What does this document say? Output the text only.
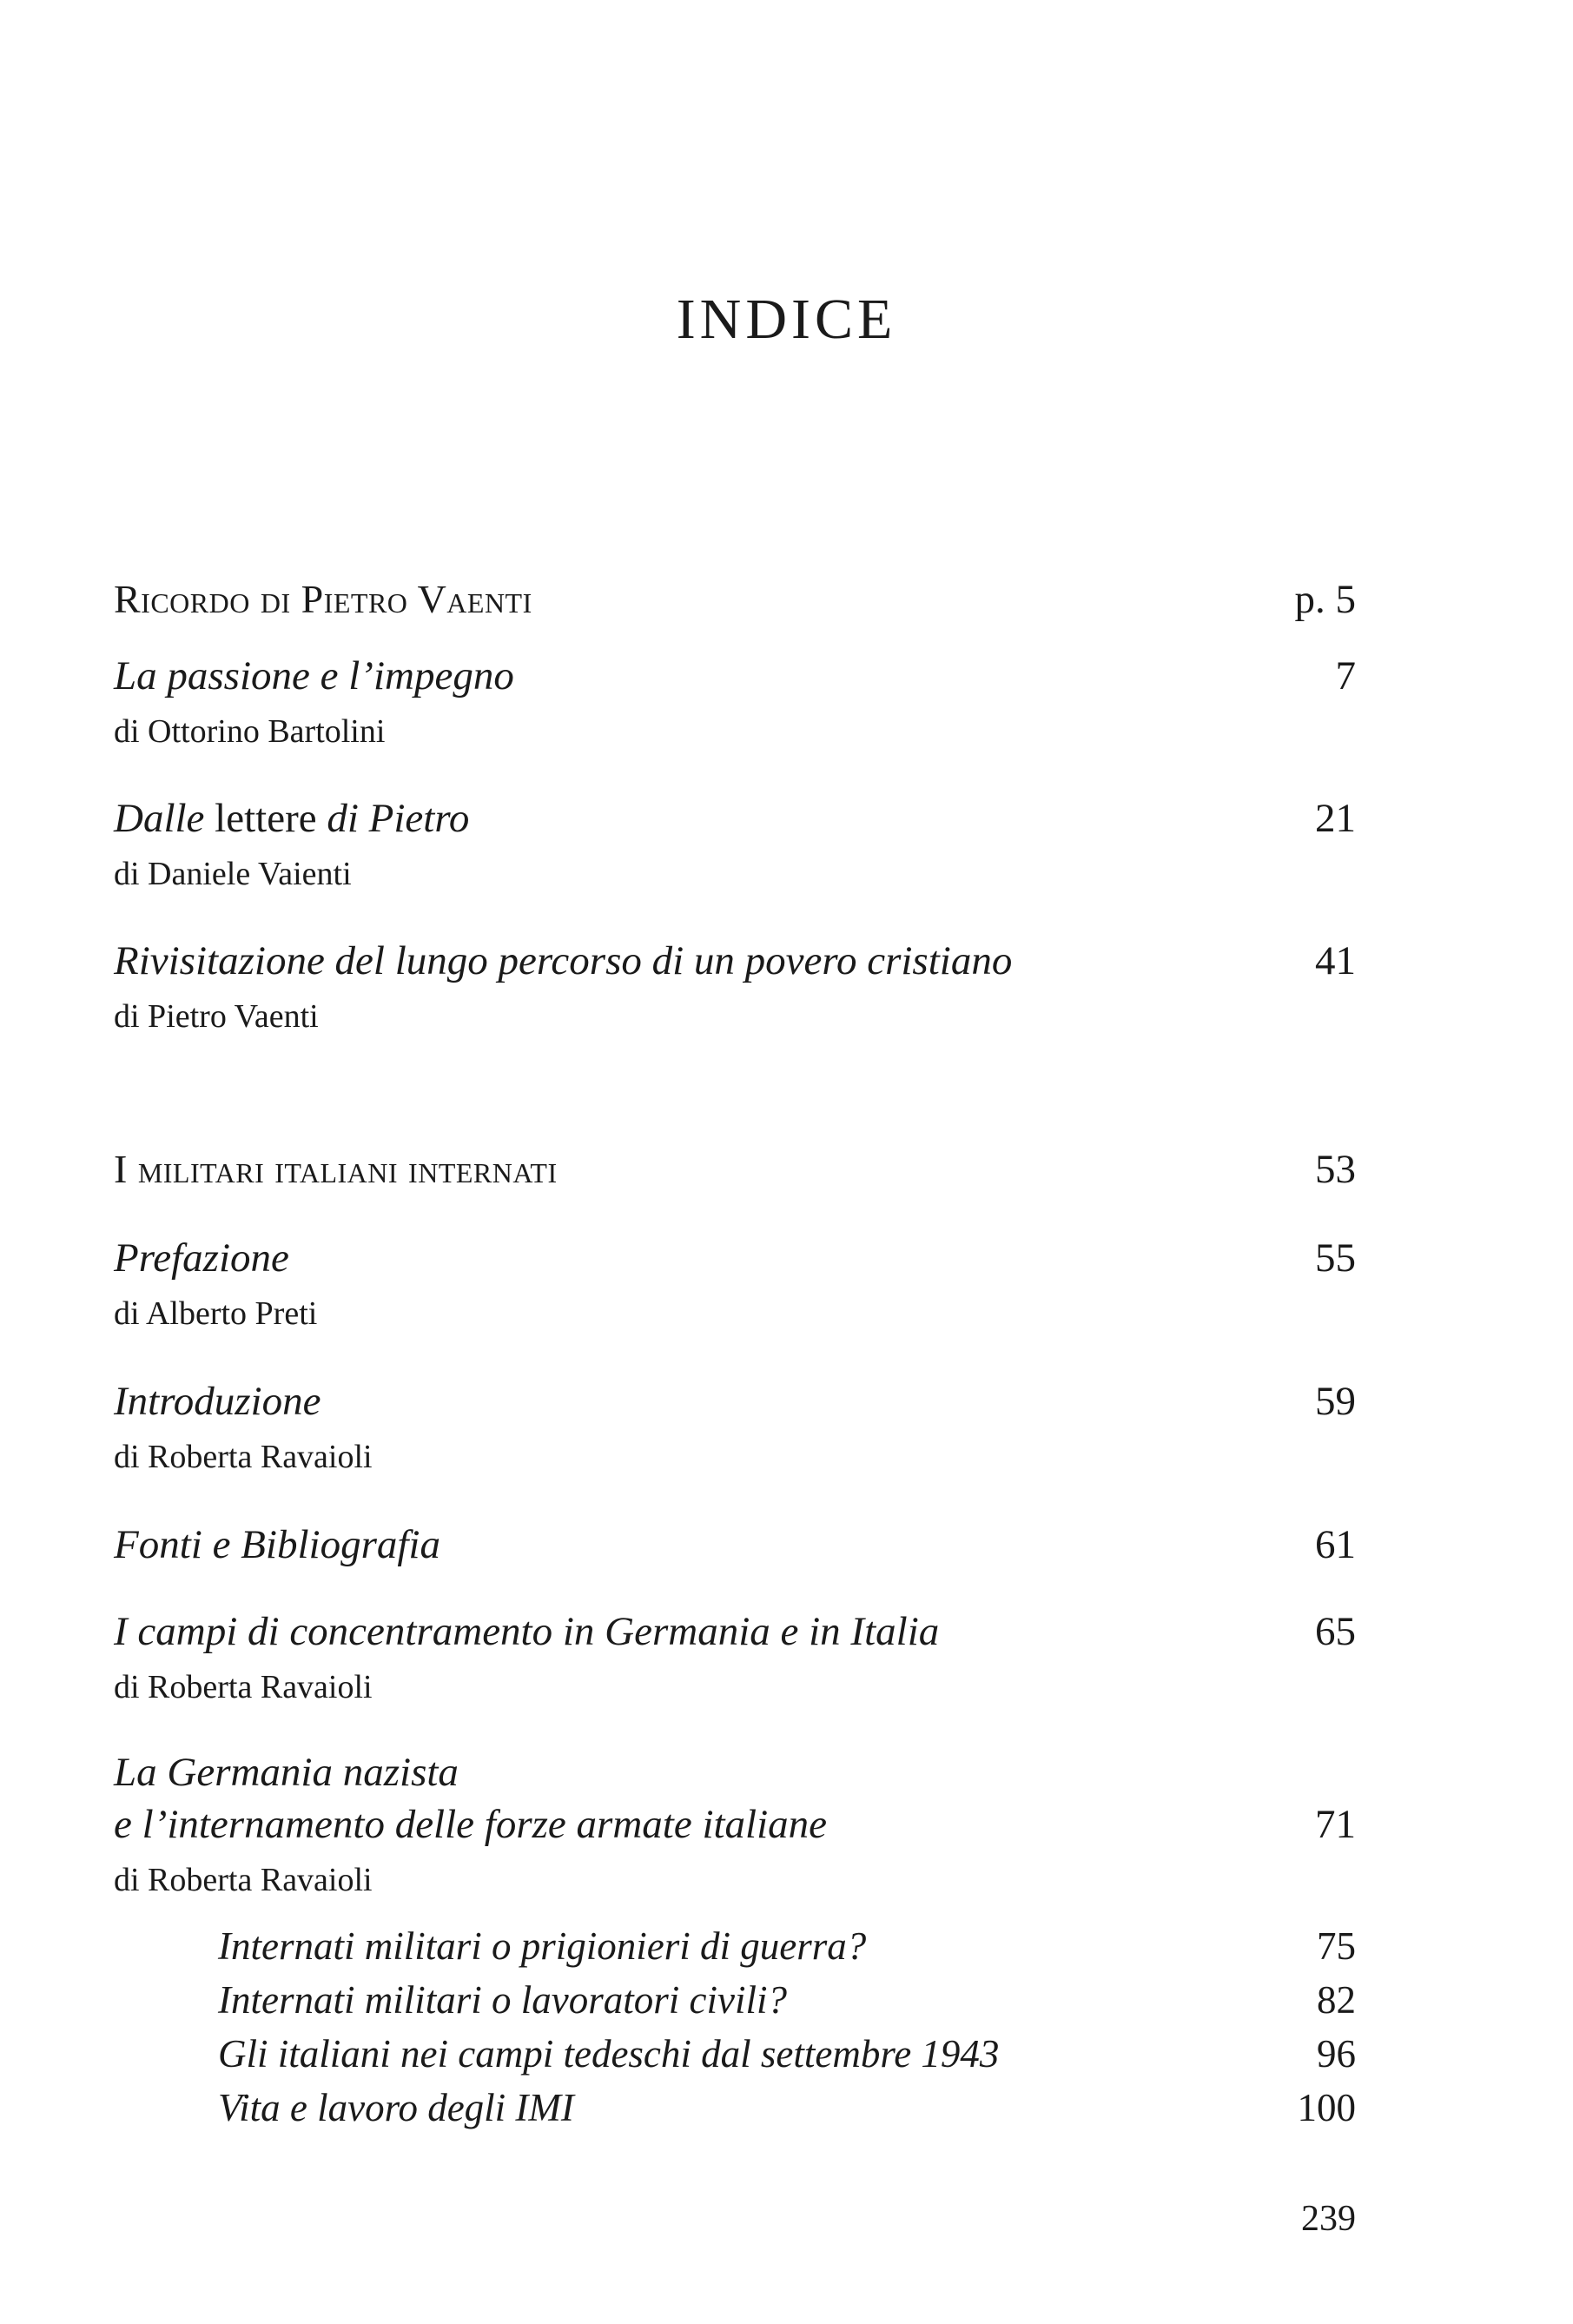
INDICE
Ricordo di Pietro Vaenti	p. 5
La passione e l’impegno	7
di Ottorino Bartolini
Dalle lettere di Pietro	21
di Daniele Vaienti
Rivisitazione del lungo percorso di un povero cristiano	41
di Pietro Vaenti
I militari italiani internati	53
Prefazione	55
di Alberto Preti
Introduzione	59
di Roberta Ravaioli
Fonti e Bibliografia	61
I campi di concentramento in Germania e in Italia	65
di Roberta Ravaioli
La Germania nazista
e l’internamento delle forze armate italiane	71
di Roberta Ravaioli
Internati militari o prigionieri di guerra?	75
Internati militari o lavoratori civili?	82
Gli italiani nei campi tedeschi dal settembre 1943	96
Vita e lavoro degli IMI	100
239
